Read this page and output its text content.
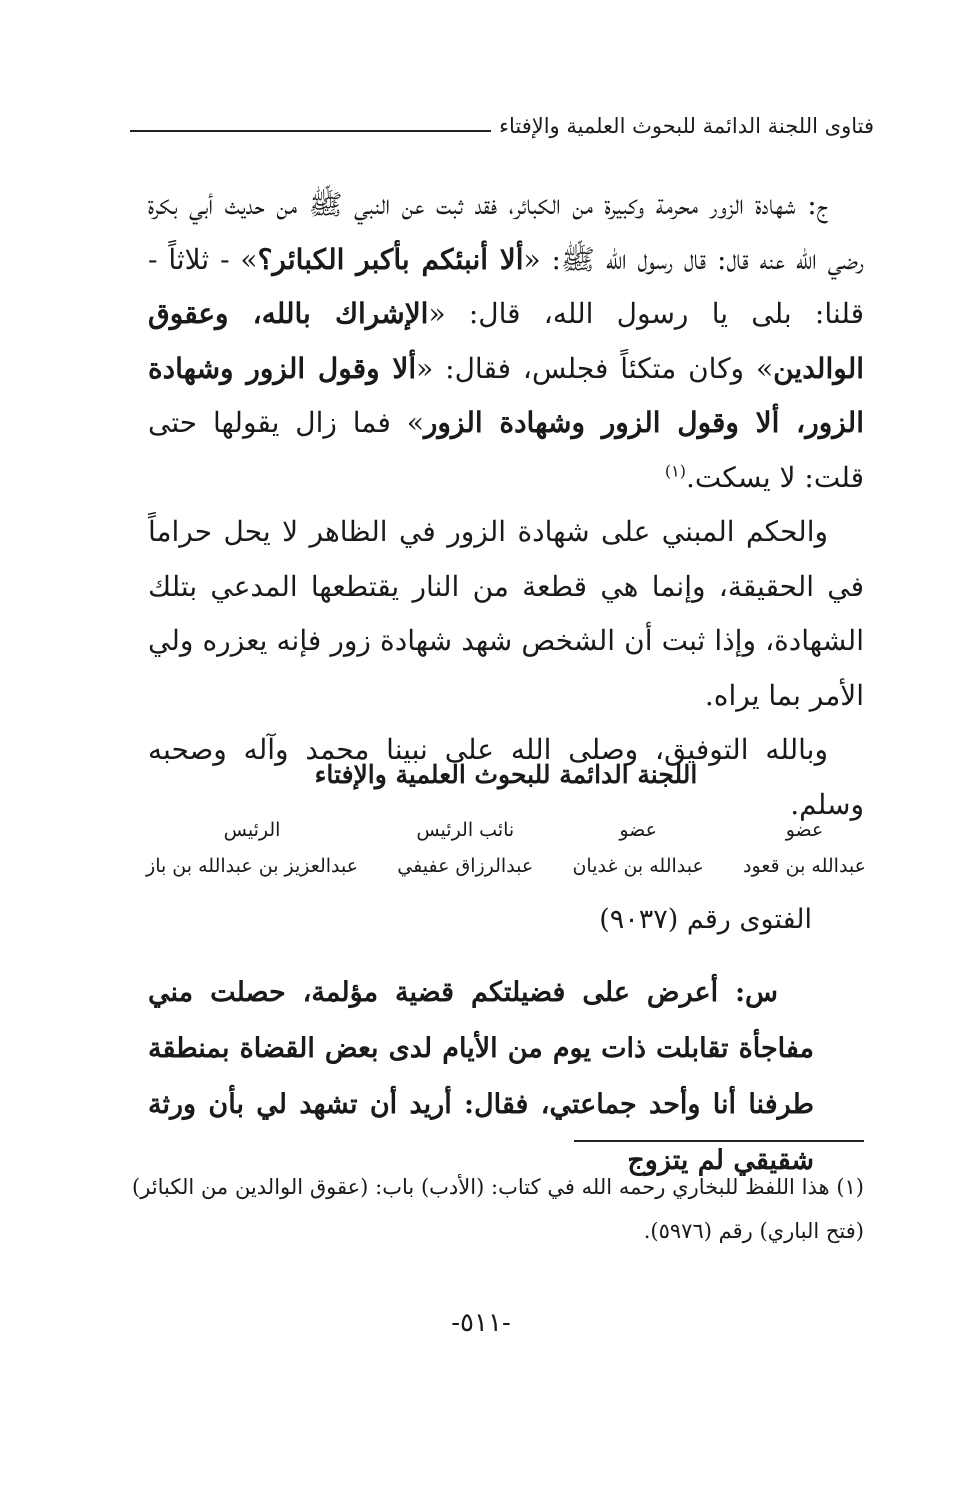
فتاوى اللجنة الدائمة للبحوث العلمية والإفتاء

ج: شهادة الزور محرمة وكبيرة من الكبائر، فقد ثبت عن النبي ﷺ من حديث أبي بكرة رضي الله عنه قال: قال رسول الله ﷺ: «ألا أنبئكم بأكبر الكبائر؟» - ثلاثاً - قلنا: بلى يا رسول الله، قال: «الإشراك بالله، وعقوق الوالدين» وكان متكئاً فجلس، فقال: «ألا وقول الزور وشهادة الزور، ألا وقول الزور وشهادة الزور» فما زال يقولها حتى قلت: لا يسكت.$^{(١)}$

والحكم المبني على شهادة الزور في الظاهر لا يحل حراماً في الحقيقة، وإنما هي قطعة من النار يقتطعها المدعي بتلك الشهادة، وإذا ثبت أن الشخص شهد شهادة زور فإنه يعزره ولي الأمر بما يراه.

وبالله التوفيق، وصلى الله على نبينا محمد وآله وصحبه وسلم.

اللجنة الدائمة للبحوث العلمية والإفتاء
عضو
عبدالله بن قعود
عضو
عبدالله بن غديان
نائب الرئيس
عبدالرزاق عفيفي
الرئيس
عبدالعزيز بن عبدالله بن باز
الفتوى رقم (٩٠٣٧)

س: أعرض على فضيلتكم قضية مؤلمة، حصلت مني مفاجأة تقابلت ذات يوم من الأيام لدى بعض القضاة بمنطقة طرفنا أنا وأحد جماعتي، فقال: أريد أن تشهد لي بأن ورثة شقيقي لم يتزوج

(١) هذا اللفظ للبخاري رحمه الله في كتاب: (الأدب) باب: (عقوق الوالدين من الكبائر) (فتح الباري) رقم (٥٩٧٦).

-٥١١-
